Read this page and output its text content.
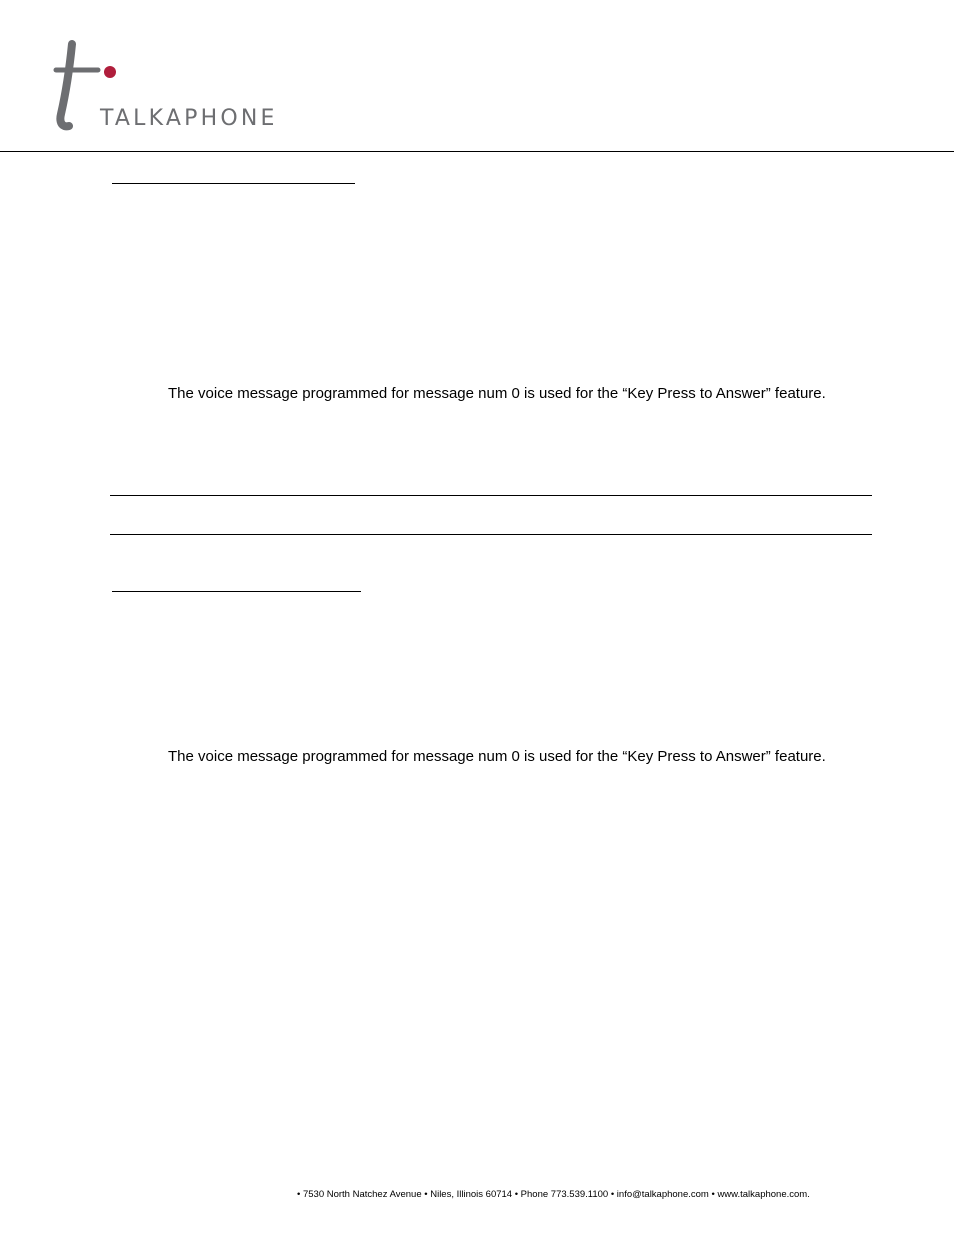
TALKAPHONE
The voice message programmed for message num 0 is used for the “Key Press to Answer” feature.
The voice message programmed for message num 0 is used for the “Key Press to Answer” feature.
• 7530 North Natchez Avenue • Niles, Illinois 60714 • Phone 773.539.1100 • info@talkaphone.com • www.talkaphone.com.
